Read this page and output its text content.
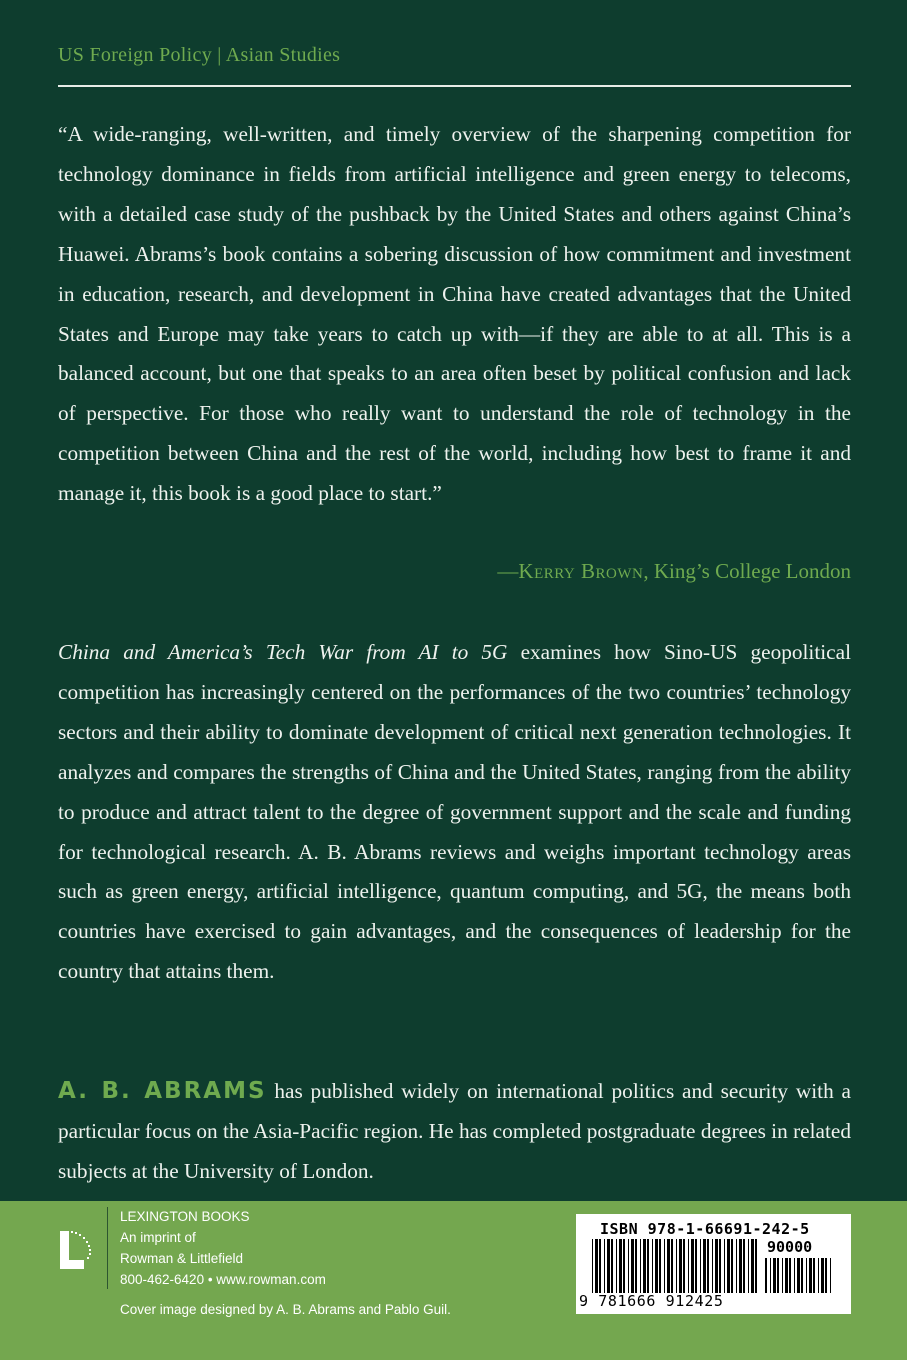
US Foreign Policy | Asian Studies

“A wide-ranging, well-written, and timely overview of the sharpening competition for technology dominance in fields from artificial intelligence and green energy to telecoms, with a detailed case study of the pushback by the United States and others against China’s Huawei. Abrams’s book contains a sobering discussion of how commitment and investment in education, research, and development in China have created advantages that the United States and Europe may take years to catch up with—if they are able to at all. This is a balanced account, but one that speaks to an area often beset by political confusion and lack of perspective. For those who really want to understand the role of technology in the competition between China and the rest of the world, including how best to frame it and manage it, this book is a good place to start.”

—Kerry Brown, King’s College London

China and America’s Tech War from AI to 5G examines how Sino-US geopolitical competition has increasingly centered on the performances of the two countries’ technology sectors and their ability to dominate development of critical next generation technologies. It analyzes and compares the strengths of China and the United States, ranging from the ability to produce and attract talent to the degree of government support and the scale and funding for technological research. A. B. Abrams reviews and weighs important technology areas such as green energy, artificial intelligence, quantum computing, and 5G, the means both countries have exercised to gain advantages, and the consequences of leadership for the country that attains them.

A. B. ABRAMS has published widely on international politics and security with a particular focus on the Asia-Pacific region. He has completed postgraduate degrees in related subjects at the University of London.

LEXINGTON BOOKS
An imprint of
Rowman & Littlefield
800-462-6420 • www.rowman.com
Cover image designed by A. B. Abrams and Pablo Guil.
ISBN 978-1-66691-242-5
90000
9 781666 912425
